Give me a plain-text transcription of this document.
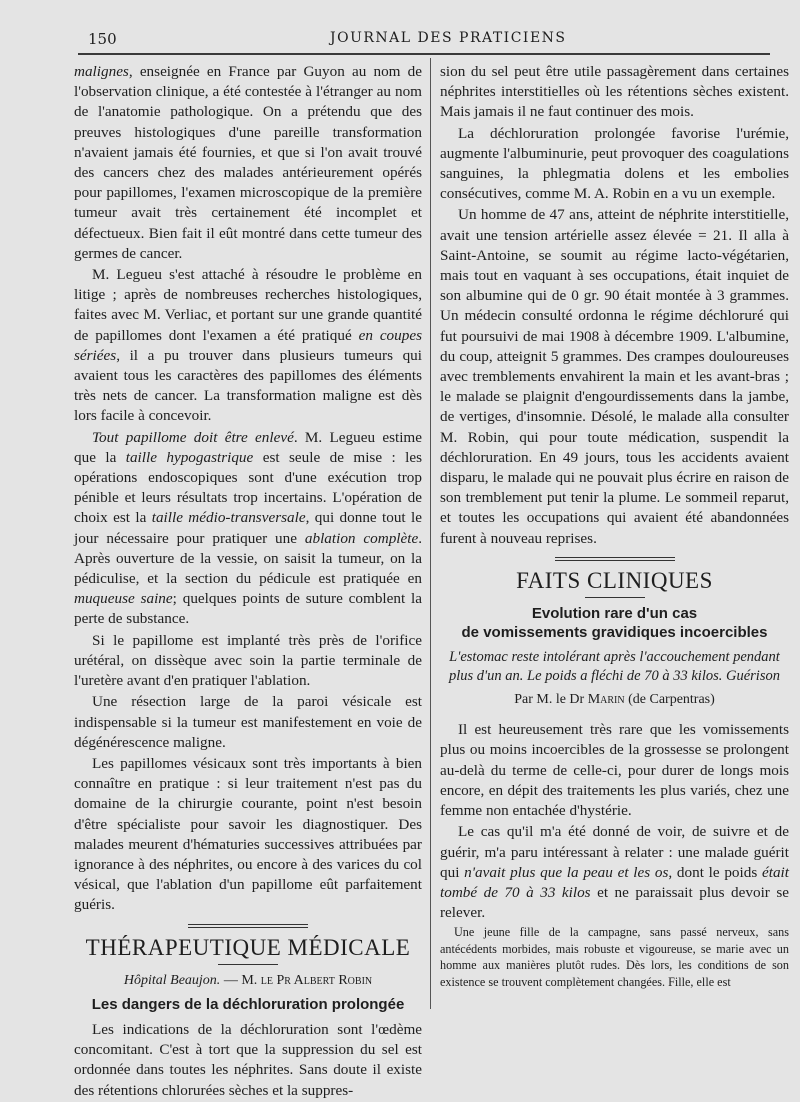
150	JOURNAL DES PRATICIENS

malignes, enseignée en France par Guyon au nom de l'observation clinique, a été contestée à l'étranger au nom de l'anatomie pathologique. On a prétendu que des preuves histologiques d'une pareille transformation n'avaient jamais été fournies, et que si l'on avait trouvé des cancers chez des malades antérieurement opérés pour papillomes, l'examen microscopique de la première tumeur avait très certainement été incomplet et défectueux. Bien fait il eût montré dans cette tumeur des germes de cancer.

M. Legueu s'est attaché à résoudre le problème en litige ; après de nombreuses recherches histologiques, faites avec M. Verliac, et portant sur une grande quantité de papillomes dont l'examen a été pratiqué en coupes sériées, il a pu trouver dans plusieurs tumeurs qui avaient tous les caractères des papillomes des éléments très nets de cancer. La transformation maligne est dès lors facile à concevoir.

Tout papillome doit être enlevé. M. Legueu estime que la taille hypogastrique est seule de mise : les opérations endoscopiques sont d'une exécution trop pénible et leurs résultats trop incertains. L'opération de choix est la taille médio-transversale, qui donne tout le jour nécessaire pour pratiquer une ablation complète. Après ouverture de la vessie, on saisit la tumeur, on la pédiculise, et la section du pédicule est pratiquée en muqueuse saine; quelques points de suture comblent la perte de substance.

Si le papillome est implanté très près de l'orifice urétéral, on dissèque avec soin la partie terminale de l'uretère avant d'en pratiquer l'ablation.

Une résection large de la paroi vésicale est indispensable si la tumeur est manifestement en voie de dégénérescence maligne.

Les papillomes vésicaux sont très importants à bien connaître en pratique : si leur traitement n'est pas du domaine de la chirurgie courante, point n'est besoin d'être spécialiste pour savoir les diagnostiquer. Des malades meurent d'hématuries successives attribuées par ignorance à des néphrites, ou encore à des varices du col vésical, que l'ablation d'un papillome eût parfaitement guéris.

THÉRAPEUTIQUE MÉDICALE
Hôpital Beaujon. — M. le Pr Albert Robin
Les dangers de la déchloruration prolongée

Les indications de la déchloruration sont l'œdème concomitant. C'est à tort que la suppression du sel est ordonnée dans toutes les néphrites. Sans doute il existe des rétentions chlorurées sèches et la suppres-

sion du sel peut être utile passagèrement dans certaines néphrites interstitielles où les rétentions sèches existent. Mais jamais il ne faut continuer des mois.

La déchloruration prolongée favorise l'urémie, augmente l'albuminurie, peut provoquer des coagulations sanguines, la phlegmatia dolens et les embolies consécutives, comme M. A. Robin en a vu un exemple.

Un homme de 47 ans, atteint de néphrite interstitielle, avait une tension artérielle assez élevée = 21. Il alla à Saint-Antoine, se soumit au régime lacto-végétarien, mais tout en vaquant à ses occupations, était inquiet de son albumine qui de 0 gr. 90 était montée à 3 grammes. Un médecin consulté ordonna le régime déchloruré qui fut poursuivi de mai 1908 à décembre 1909. L'albumine, du coup, atteignit 5 grammes. Des crampes douloureuses avec tremblements envahirent la main et les avant-bras ; le malade se plaignit d'engourdissements dans la jambe, de vertiges, d'insomnie. Désolé, le malade alla consulter M. Robin, qui pour toute médication, suspendit la déchloruration. En 49 jours, tous les accidents avaient disparu, le malade qui ne pouvait plus écrire en raison de son tremblement put tenir la plume. Le sommeil reparut, et toutes les occupations qui avaient été abandonnées furent à nouveau reprises.

FAITS CLINIQUES
Evolution rare d'un cas
de vomissements gravidiques incoercibles
L'estomac reste intolérant après l'accouchement pendant plus d'un an. Le poids a fléchi de 70 à 33 kilos. Guérison
Par M. le Dr Marin (de Carpentras)

Il est heureusement très rare que les vomissements plus ou moins incoercibles de la grossesse se prolongent au-delà du terme de celle-ci, pour durer de longs mois encore, en dépit des traitements les plus variés, chez une femme non entachée d'hystérie.

Le cas qu'il m'a été donné de voir, de suivre et de guérir, m'a paru intéressant à relater : une malade guérit qui n'avait plus que la peau et les os, dont le poids était tombé de 70 à 33 kilos et ne paraissait plus devoir se relever.

Une jeune fille de la campagne, sans passé nerveux, sans antécédents morbides, mais robuste et vigoureuse, se marie avec un homme aux manières plutôt rudes. Dès lors, les conditions de son existence se trouvent complètement changées. Fille, elle est
